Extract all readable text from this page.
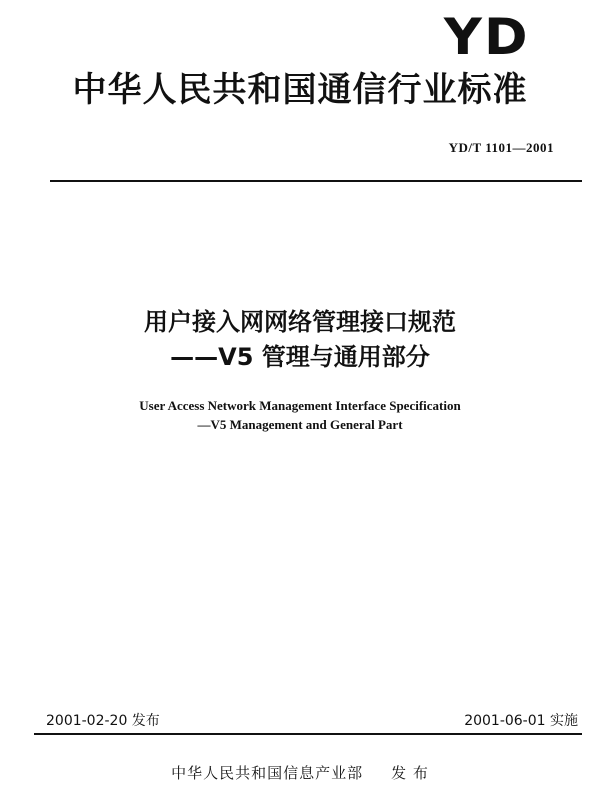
YD
中华人民共和国通信行业标准
YD/T 1101—2001
用户接入网网络管理接口规范
——V5 管理与通用部分
User Access Network Management Interface Specification
—V5 Management and General Part
2001-02-20 发布	2001-06-01 实施
中华人民共和国信息产业部 发 布
